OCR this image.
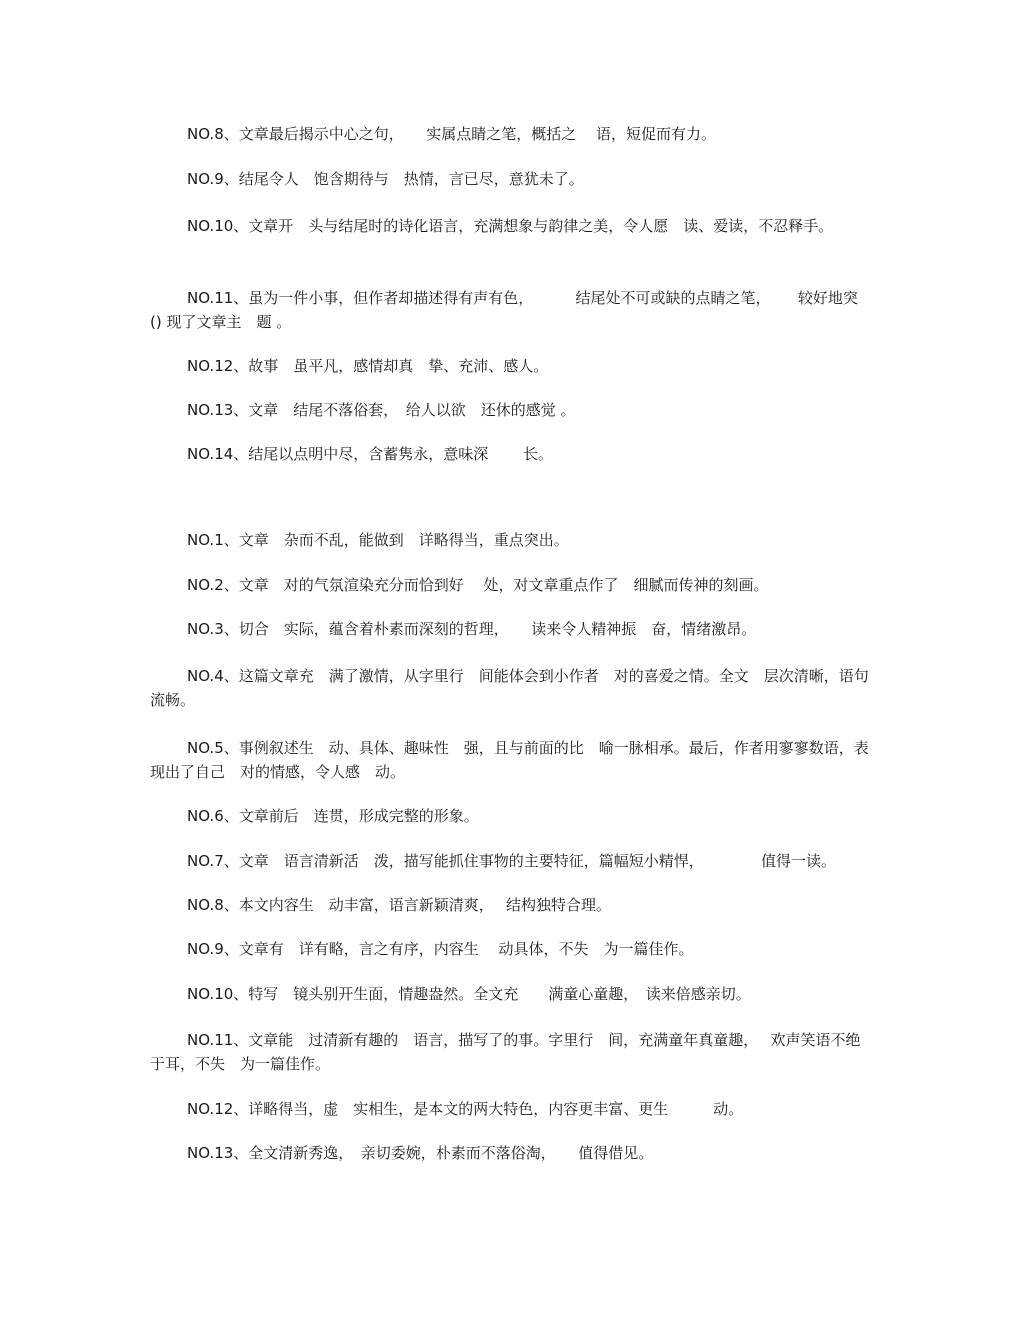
NO.8、文章最后揭示中心之句，　　实属点睛之笔，概括之　 语，短促而有力。

NO.9、结尾令人　饱含期待与　热情，言已尽，意犹未了。

NO.10、文章开　头与结尾时的诗化语言，充满想象与韵律之美，令人愿　读、爱读，不忍释手。

NO.11、虽为一件小事，但作者却描述得有声有色，　　　 结尾处不可或缺的点睛之笔，　　 较好地突 () 现了文章主　题 。

NO.12、故事　虽平凡，感情却真　挚、充沛、感人。

NO.13、文章　结尾不落俗套，　给人以欲　还休的感觉 。

NO.14、结尾以点明中尽，含蓄隽永，意味深　　 长。

NO.1、文章　杂而不乱，能做到　详略得当，重点突出。

NO.2、文章　对的气氛渲染充分而恰到好　 处，对文章重点作了　细腻而传神的刻画。

NO.3、切合　实际，蕴含着朴素而深刻的哲理，　　读来令人精神振　奋，情绪激昂。

NO.4、这篇文章充　满了激情，从字里行　间能体会到小作者　对的喜爱之情。全文　层次清晰，语句流畅。

NO.5、事例叙述生　动、具体、趣味性　强，且与前面的比　喻一脉相承。最后，作者用寥寥数语，表现出了自己　对的情感，令人感　动。

NO.6、文章前后　连贯，形成完整的形象。

NO.7、文章　语言清新活　泼，描写能抓住事物的主要特征，篇幅短小精悍，　　　　 值得一读。

NO.8、本文内容生　动丰富，语言新颖清爽，　 结构独特合理。

NO.9、文章有　详有略，言之有序，内容生　 动具体，不失　为一篇佳作。

NO.10、特写　镜头别开生面，情趣盎然。全文充　　满童心童趣，　读来倍感亲切。

NO.11、文章能　过清新有趣的　语言，描写了的事。字里行　间，充满童年真童趣，　 欢声笑语不绝于耳，不失　为一篇佳作。

NO.12、详略得当，虚　实相生，是本文的两大特色，内容更丰富、更生　　　动。

NO.13、全文清新秀逸，　亲切委婉，朴素而不落俗淘，　　值得借见。
